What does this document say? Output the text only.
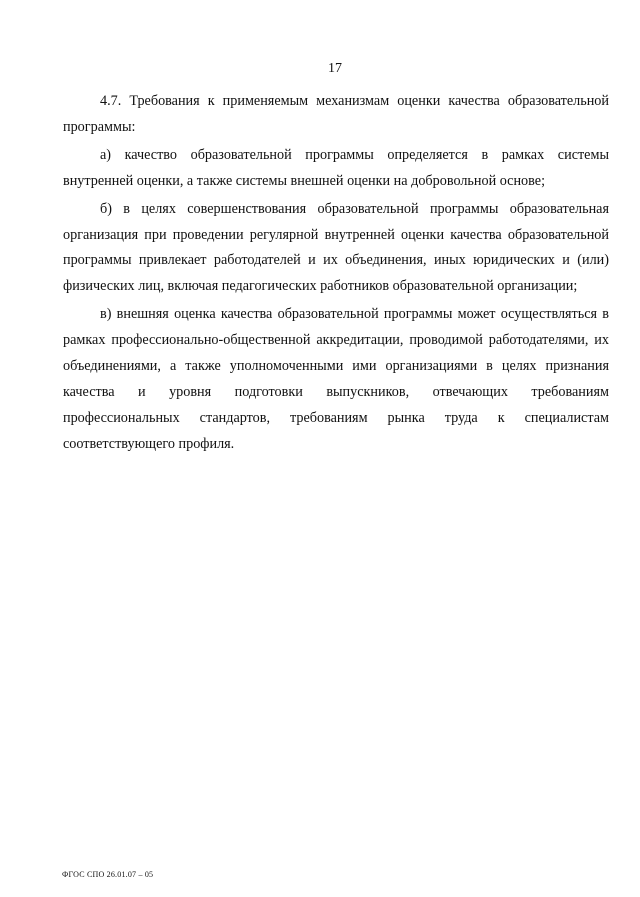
17

4.7. Требования к применяемым механизмам оценки качества образовательной программы:

а) качество образовательной программы определяется в рамках системы внутренней оценки, а также системы внешней оценки на добровольной основе;

б) в целях совершенствования образовательной программы образовательная организация при проведении регулярной внутренней оценки качества образовательной программы привлекает работодателей и их объединения, иных юридических и (или) физических лиц, включая педагогических работников образовательной организации;

в) внешняя оценка качества образовательной программы может осуществляться в рамках профессионально-общественной аккредитации, проводимой работодателями, их объединениями, а также уполномоченными ими организациями в целях признания качества и уровня подготовки выпускников, отвечающих требованиям профессиональных стандартов, требованиям рынка труда к специалистам соответствующего профиля.

ФГОС СПО 26.01.07 – 05
